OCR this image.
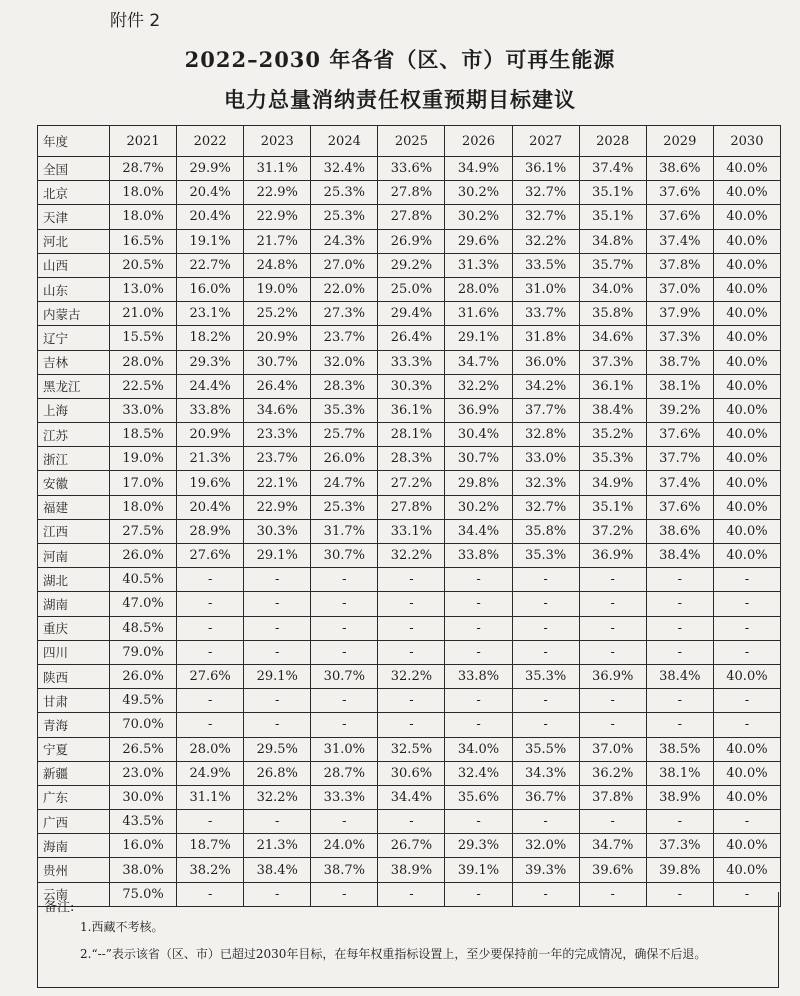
附件 2
2022–2030 年各省（区、市）可再生能源
电力总量消纳责任权重预期目标建议
年度	2021	2022	2023	2024	2025	2026	2027	2028	2029	2030
全国	28.7%	29.9%	31.1%	32.4%	33.6%	34.9%	36.1%	37.4%	38.6%	40.0%
北京	18.0%	20.4%	22.9%	25.3%	27.8%	30.2%	32.7%	35.1%	37.6%	40.0%
天津	18.0%	20.4%	22.9%	25.3%	27.8%	30.2%	32.7%	35.1%	37.6%	40.0%
河北	16.5%	19.1%	21.7%	24.3%	26.9%	29.6%	32.2%	34.8%	37.4%	40.0%
山西	20.5%	22.7%	24.8%	27.0%	29.2%	31.3%	33.5%	35.7%	37.8%	40.0%
山东	13.0%	16.0%	19.0%	22.0%	25.0%	28.0%	31.0%	34.0%	37.0%	40.0%
内蒙古	21.0%	23.1%	25.2%	27.3%	29.4%	31.6%	33.7%	35.8%	37.9%	40.0%
辽宁	15.5%	18.2%	20.9%	23.7%	26.4%	29.1%	31.8%	34.6%	37.3%	40.0%
吉林	28.0%	29.3%	30.7%	32.0%	33.3%	34.7%	36.0%	37.3%	38.7%	40.0%
黑龙江	22.5%	24.4%	26.4%	28.3%	30.3%	32.2%	34.2%	36.1%	38.1%	40.0%
上海	33.0%	33.8%	34.6%	35.3%	36.1%	36.9%	37.7%	38.4%	39.2%	40.0%
江苏	18.5%	20.9%	23.3%	25.7%	28.1%	30.4%	32.8%	35.2%	37.6%	40.0%
浙江	19.0%	21.3%	23.7%	26.0%	28.3%	30.7%	33.0%	35.3%	37.7%	40.0%
安徽	17.0%	19.6%	22.1%	24.7%	27.2%	29.8%	32.3%	34.9%	37.4%	40.0%
福建	18.0%	20.4%	22.9%	25.3%	27.8%	30.2%	32.7%	35.1%	37.6%	40.0%
江西	27.5%	28.9%	30.3%	31.7%	33.1%	34.4%	35.8%	37.2%	38.6%	40.0%
河南	26.0%	27.6%	29.1%	30.7%	32.2%	33.8%	35.3%	36.9%	38.4%	40.0%
湖北	40.5%	-	-	-	-	-	-	-	-	-
湖南	47.0%	-	-	-	-	-	-	-	-	-
重庆	48.5%	-	-	-	-	-	-	-	-	-
四川	79.0%	-	-	-	-	-	-	-	-	-
陕西	26.0%	27.6%	29.1%	30.7%	32.2%	33.8%	35.3%	36.9%	38.4%	40.0%
甘肃	49.5%	-	-	-	-	-	-	-	-	-
青海	70.0%	-	-	-	-	-	-	-	-	-
宁夏	26.5%	28.0%	29.5%	31.0%	32.5%	34.0%	35.5%	37.0%	38.5%	40.0%
新疆	23.0%	24.9%	26.8%	28.7%	30.6%	32.4%	34.3%	36.2%	38.1%	40.0%
广东	30.0%	31.1%	32.2%	33.3%	34.4%	35.6%	36.7%	37.8%	38.9%	40.0%
广西	43.5%	-	-	-	-	-	-	-	-	-
海南	16.0%	18.7%	21.3%	24.0%	26.7%	29.3%	32.0%	34.7%	37.3%	40.0%
贵州	38.0%	38.2%	38.4%	38.7%	38.9%	39.1%	39.3%	39.6%	39.8%	40.0%
云南	75.0%	-	-	-	-	-	-	-	-	-
备注:
1.西藏不考核。
2.“--”表示该省（区、市）已超过2030年目标，在每年权重指标设置上，至少要保持前一年的完成情况，确保不后退。
